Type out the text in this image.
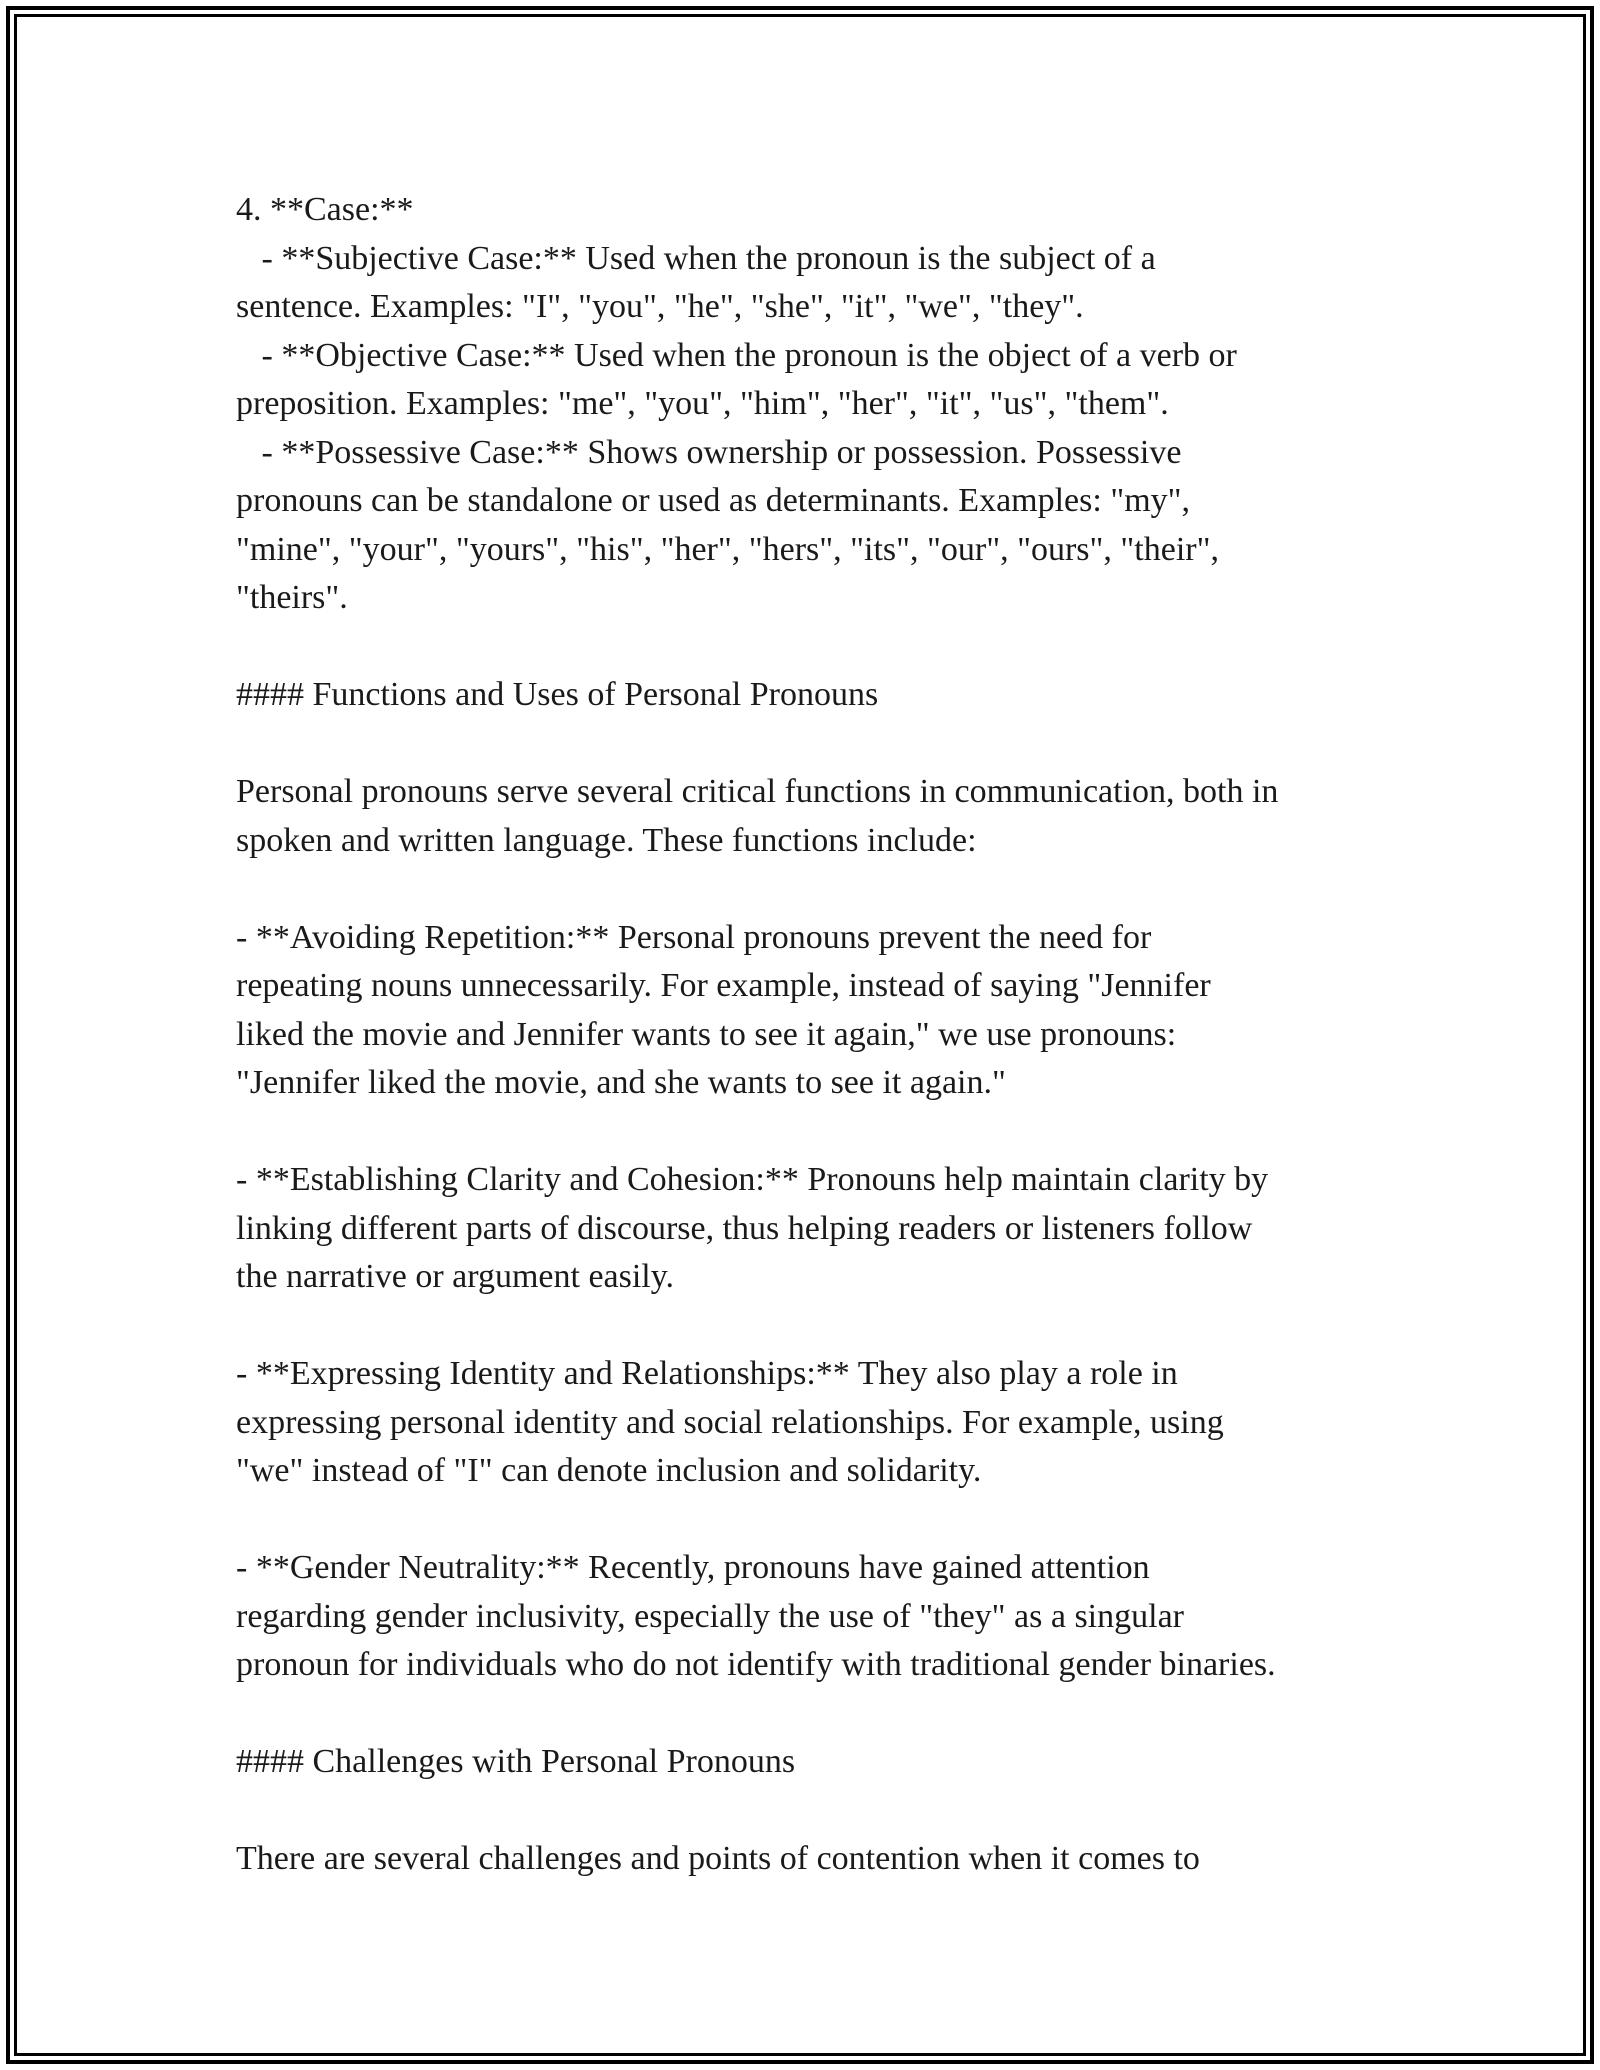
4. **Case:**
- **Subjective Case:** Used when the pronoun is the subject of a
sentence. Examples: "I", "you", "he", "she", "it", "we", "they".
- **Objective Case:** Used when the pronoun is the object of a verb or
preposition. Examples: "me", "you", "him", "her", "it", "us", "them".
- **Possessive Case:** Shows ownership or possession. Possessive
pronouns can be standalone or used as determinants. Examples: "my",
"mine", "your", "yours", "his", "her", "hers", "its", "our", "ours", "their",
"theirs".
#### Functions and Uses of Personal Pronouns
Personal pronouns serve several critical functions in communication, both in
spoken and written language. These functions include:
- **Avoiding Repetition:** Personal pronouns prevent the need for
repeating nouns unnecessarily. For example, instead of saying "Jennifer
liked the movie and Jennifer wants to see it again," we use pronouns:
"Jennifer liked the movie, and she wants to see it again."
- **Establishing Clarity and Cohesion:** Pronouns help maintain clarity by
linking different parts of discourse, thus helping readers or listeners follow
the narrative or argument easily.
- **Expressing Identity and Relationships:** They also play a role in
expressing personal identity and social relationships. For example, using
"we" instead of "I" can denote inclusion and solidarity.
- **Gender Neutrality:** Recently, pronouns have gained attention
regarding gender inclusivity, especially the use of "they" as a singular
pronoun for individuals who do not identify with traditional gender binaries.
#### Challenges with Personal Pronouns
There are several challenges and points of contention when it comes to
